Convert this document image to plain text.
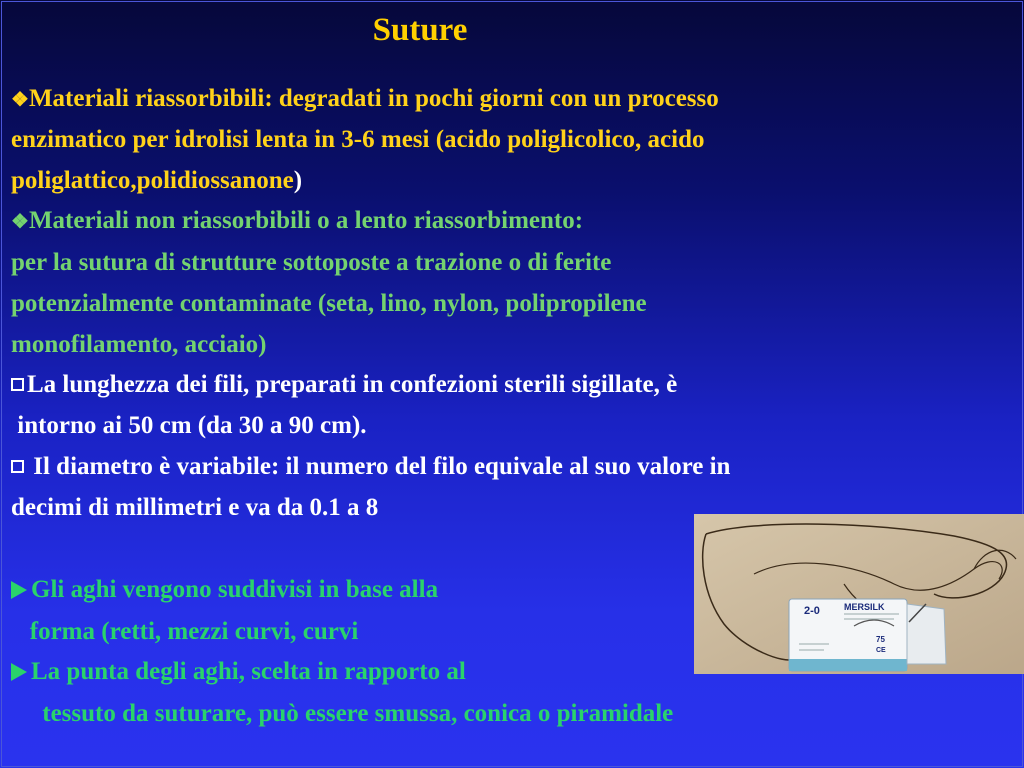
Suture
❖Materiali riassorbibili: degradati in pochi giorni con un processo
enzimatico per idrolisi lenta in 3-6 mesi (acido poliglicolico, acido
poliglattico,polidiossanone)
❖Materiali non riassorbibili o a lento riassorbimento:
per la sutura di strutture sottoposte a trazione o di ferite
potenzialmente contaminate (seta, lino, nylon, polipropilene
monofilamento, acciaio)
La lunghezza dei fili, preparati in confezioni sterili sigillate, è
intorno ai 50 cm (da 30 a 90 cm).
Il diametro è variabile: il numero del filo equivale al suo valore in
decimi di millimetri e va da 0.1 a 8
Gli aghi vengono suddivisi in base alla
forma (retti, mezzi curvi, curvi
La punta degli aghi, scelta in rapporto al
tessuto da suturare, può essere smussa, conica o piramidale
2-0	MERSILK
75
CE
